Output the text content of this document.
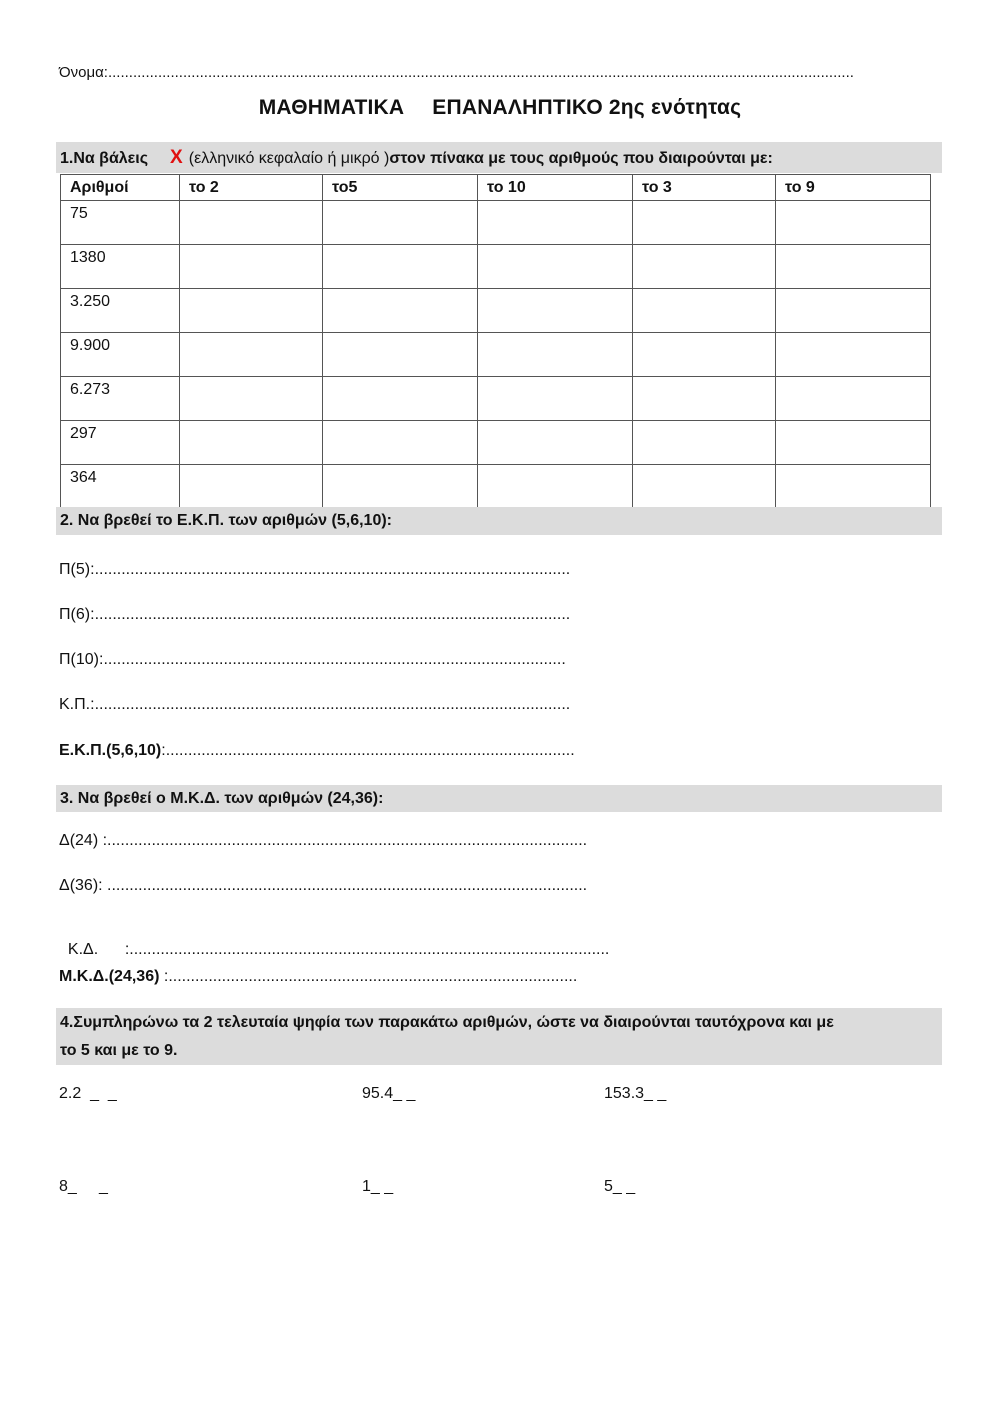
Όνομα:...................................................................................................................................................................................
ΜΑΘΗΜΑΤΙΚΑ ΕΠΑΝΑΛΗΠΤΙΚΟ 2ης ενότητας
1.Να βάλεις Χ (ελληνικό κεφαλαίο ή μικρό )στον πίνακα με τους αριθμούς που διαιρούνται με:
Αριθμοί	το 2	το5	το 10	το 3	το 9
75					
1380					
3.250					
9.900					
6.273					
297					
364					
2. Να βρεθεί το Ε.Κ.Π. των αριθμών (5,6,10):
Π(5):...........................................................................................................
Π(6):...........................................................................................................
Π(10):........................................................................................................
Κ.Π.:...........................................................................................................
Ε.Κ.Π.(5,6,10):............................................................................................
3. Να βρεθεί ο Μ.Κ.Δ. των αριθμών (24,36):
Δ(24) :............................................................................................................
Δ(36): ............................................................................................................

Κ.Δ.      :............................................................................................................

Μ.Κ.Δ.(24,36) :............................................................................................
4.Συμπληρώνω τα 2 τελευταία ψηφία των παρακάτω αριθμών, ώστε να διαιρούνται ταυτόχρονα και με
το 5 και με το 9.
2.2  _  _	95.4_ _	153.3_ _
8_     _	1_ _	5_ _
